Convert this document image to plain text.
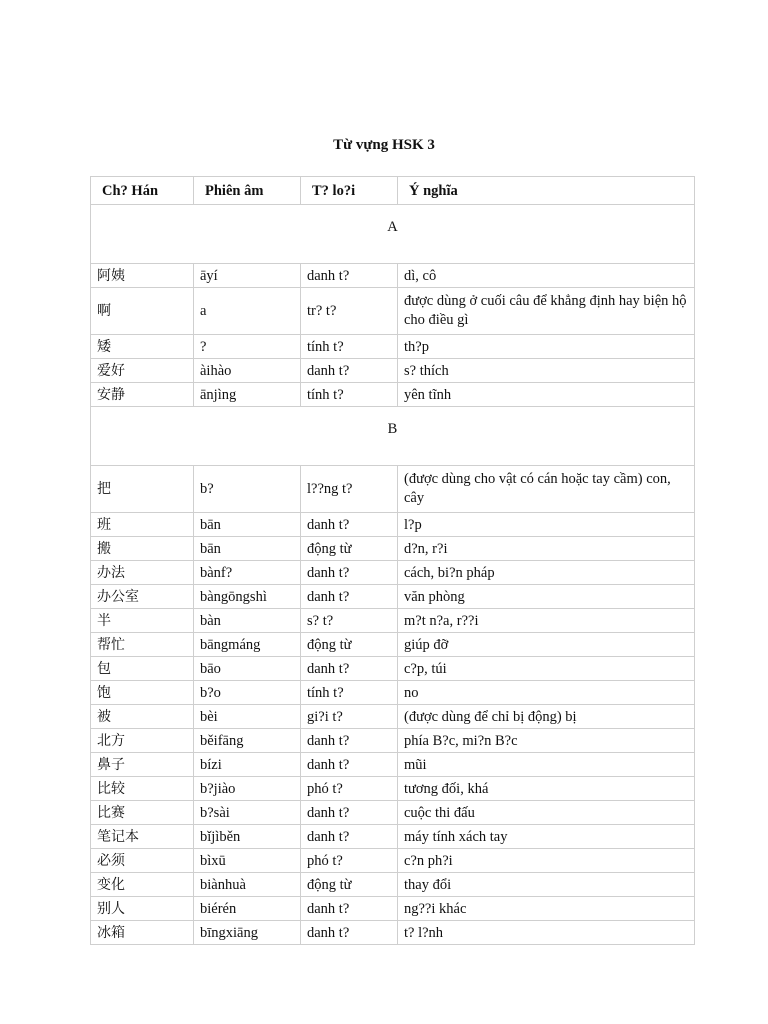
Từ vựng HSK 3
Ch? Hán	Phiên âm	T? lo?i	Ý nghĩa
A			
阿姨	āyí	danh t?	dì, cô
啊	a	tr? t?	được dùng ở cuối câu để khẳng định hay biện hộ cho điều gì
矮	?	tính t?	th?p
爱好	àihào	danh t?	s? thích
安静	ānjìng	tính t?	yên tĩnh
B			
把	b?	l??ng t?	(được dùng cho vật có cán hoặc tay cầm) con, cây
班	bān	danh t?	l?p
搬	bān	động từ	d?n, r?i
办法	bànf?	danh t?	cách, bi?n pháp
办公室	bàngōngshì	danh t?	văn phòng
半	bàn	s? t?	m?t n?a, r??i
帮忙	bāngmáng	động từ	giúp đỡ
包	bāo	danh t?	c?p, túi
饱	b?o	tính t?	no
被	bèi	gi?i t?	(được dùng để chỉ bị động) bị
北方	běifāng	danh t?	phía B?c, mi?n B?c
鼻子	bízi	danh t?	mũi
比较	b?jiào	phó t?	tương đối, khá
比赛	b?sài	danh t?	cuộc thi đấu
笔记本	bǐjìběn	danh t?	máy tính xách tay
必须	bìxū	phó t?	c?n ph?i
变化	biànhuà	động từ	thay đổi
别人	biérén	danh t?	ng??i khác
冰箱	bīngxiāng	danh t?	t? l?nh
